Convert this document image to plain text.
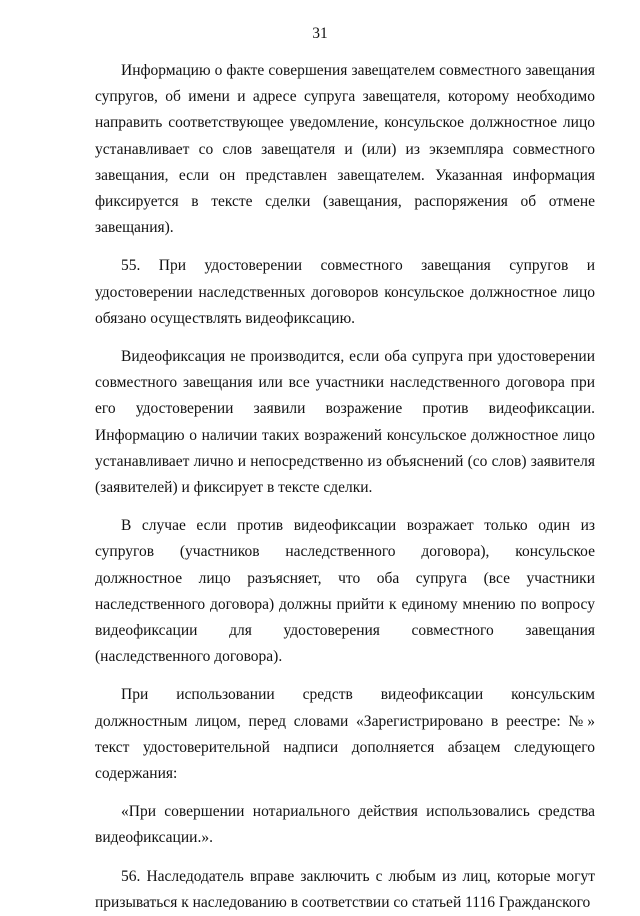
31

Информацию о факте совершения завещателем совместного завещания супругов, об имени и адресе супруга завещателя, которому необходимо направить соответствующее уведомление, консульское должностное лицо устанавливает со слов завещателя и (или) из экземпляра совместного завещания, если он представлен завещателем. Указанная информация фиксируется в тексте сделки (завещания, распоряжения об отмене завещания).

55. При удостоверении совместного завещания супругов и удостоверении наследственных договоров консульское должностное лицо обязано осуществлять видеофиксацию.

Видеофиксация не производится, если оба супруга при удостоверении совместного завещания или все участники наследственного договора при его удостоверении заявили возражение против видеофиксации. Информацию о наличии таких возражений консульское должностное лицо устанавливает лично и непосредственно из объяснений (со слов) заявителя (заявителей) и фиксирует в тексте сделки.

В случае если против видеофиксации возражает только один из супругов (участников наследственного договора), консульское должностное лицо разъясняет, что оба супруга (все участники наследственного договора) должны прийти к единому мнению по вопросу видеофиксации для удостоверения совместного завещания (наследственного договора).

При использовании средств видеофиксации консульским должностным лицом, перед словами «Зарегистрировано в реестре: №» текст удостоверительной надписи дополняется абзацем следующего содержания:

«При совершении нотариального действия использовались средства видеофиксации.».

56. Наследодатель вправе заключить с любым из лиц, которые могут призываться к наследованию в соответствии со статьей 1116 Гражданского
